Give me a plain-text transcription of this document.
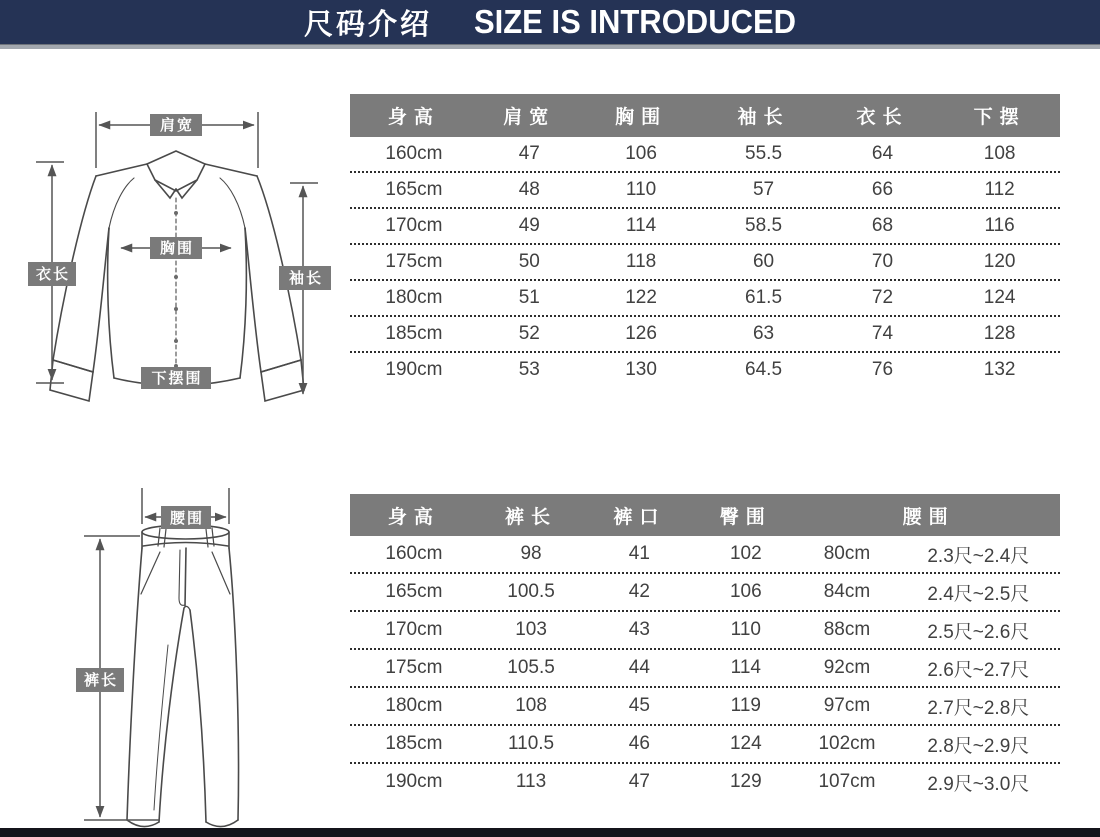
尺码介绍 SIZE IS INTRODUCED
肩宽
胸围
衣长	袖长
下摆围
腰围
裤长
身高	肩宽	胸围	袖长	衣长	下摆
160cm	47	106	55.5	64	108
165cm	48	110	57	66	112
170cm	49	114	58.5	68	116
175cm	50	118	60	70	120
180cm	51	122	61.5	72	124
185cm	52	126	63	74	128
190cm	53	130	64.5	76	132
身高	裤长	裤口	臀围	腰围
160cm	98	41	102	80cm	2.3尺~2.4尺
165cm	100.5	42	106	84cm	2.4尺~2.5尺
170cm	103	43	110	88cm	2.5尺~2.6尺
175cm	105.5	44	114	92cm	2.6尺~2.7尺
180cm	108	45	119	97cm	2.7尺~2.8尺
185cm	110.5	46	124	102cm	2.8尺~2.9尺
190cm	113	47	129	107cm	2.9尺~3.0尺
